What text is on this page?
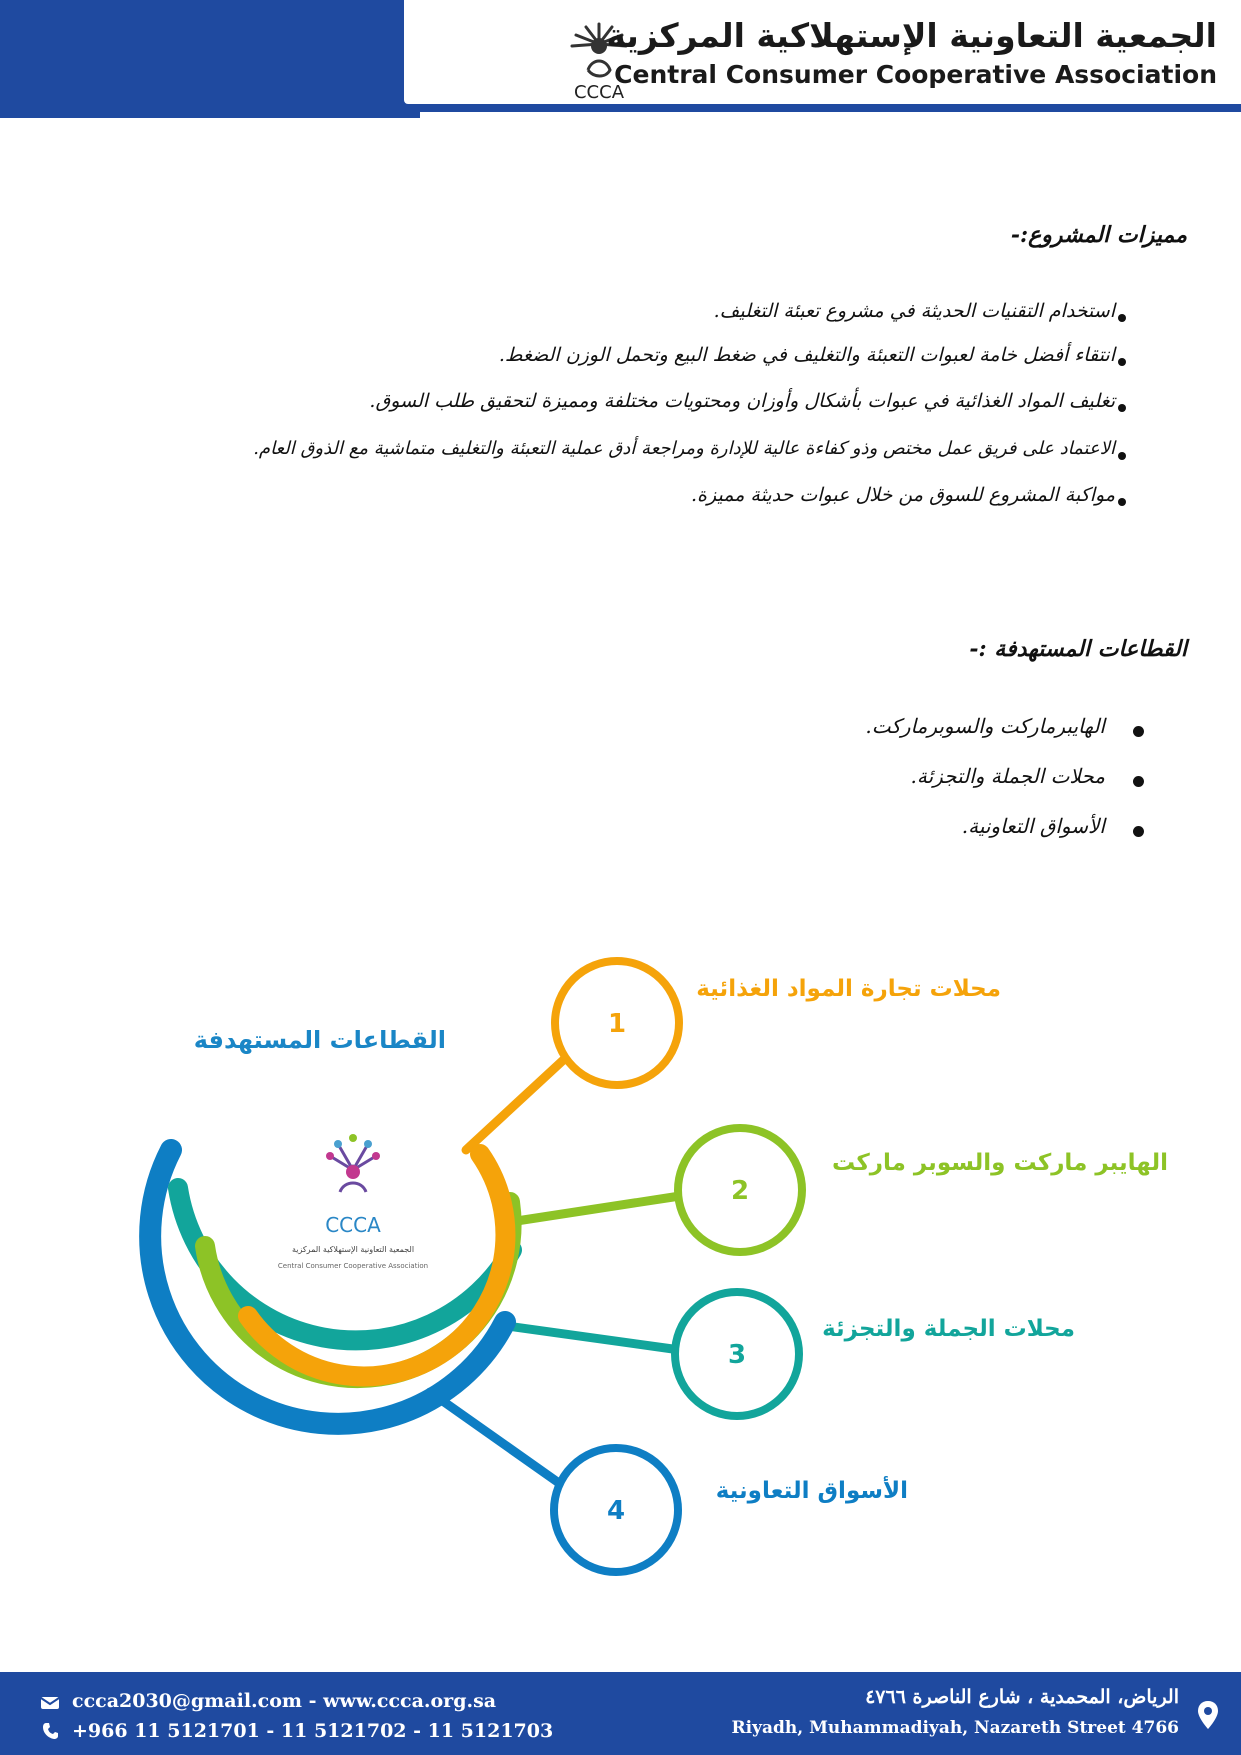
CCCA
الجمعية التعاونية الإستهلاكية المركزية
Central Consumer Cooperative Association
مميزات المشروع:-
استخدام التقنيات الحديثة في مشروع تعبئة التغليف.
انتقاء أفضل خامة لعبوات التعبئة والتغليف في ضغط البيع وتحمل الوزن الضغط.
تغليف المواد الغذائية في عبوات بأشكال وأوزان ومحتويات مختلفة ومميزة لتحقيق طلب السوق.
الاعتماد على فريق عمل مختص وذو كفاءة عالية للإدارة ومراجعة أدق عملية التعبئة والتغليف متماشية مع الذوق العام.
مواكبة المشروع للسوق من خلال عبوات حديثة مميزة.
القطاعات المستهدفة :-
الهايبرماركت والسوبرماركت.
محلات الجملة والتجزئة.
الأسواق التعاونية.
1
2
3
4
CCCA
الجمعية التعاونية الإستهلاكية المركزية
Central Consumer Cooperative Association
القطاعات المستهدفة
محلات تجارة المواد الغذائية
الهايبر ماركت والسوبر ماركت
محلات الجملة والتجزئة
الأسواق التعاونية
ccca2030@gmail.com - www.ccca.org.sa
+966 11 5121701 - 11 5121702 - 11 5121703
الرياض، المحمدية ، شارع الناصرة ٤٧٦٦
Riyadh, Muhammadiyah, Nazareth Street 4766
